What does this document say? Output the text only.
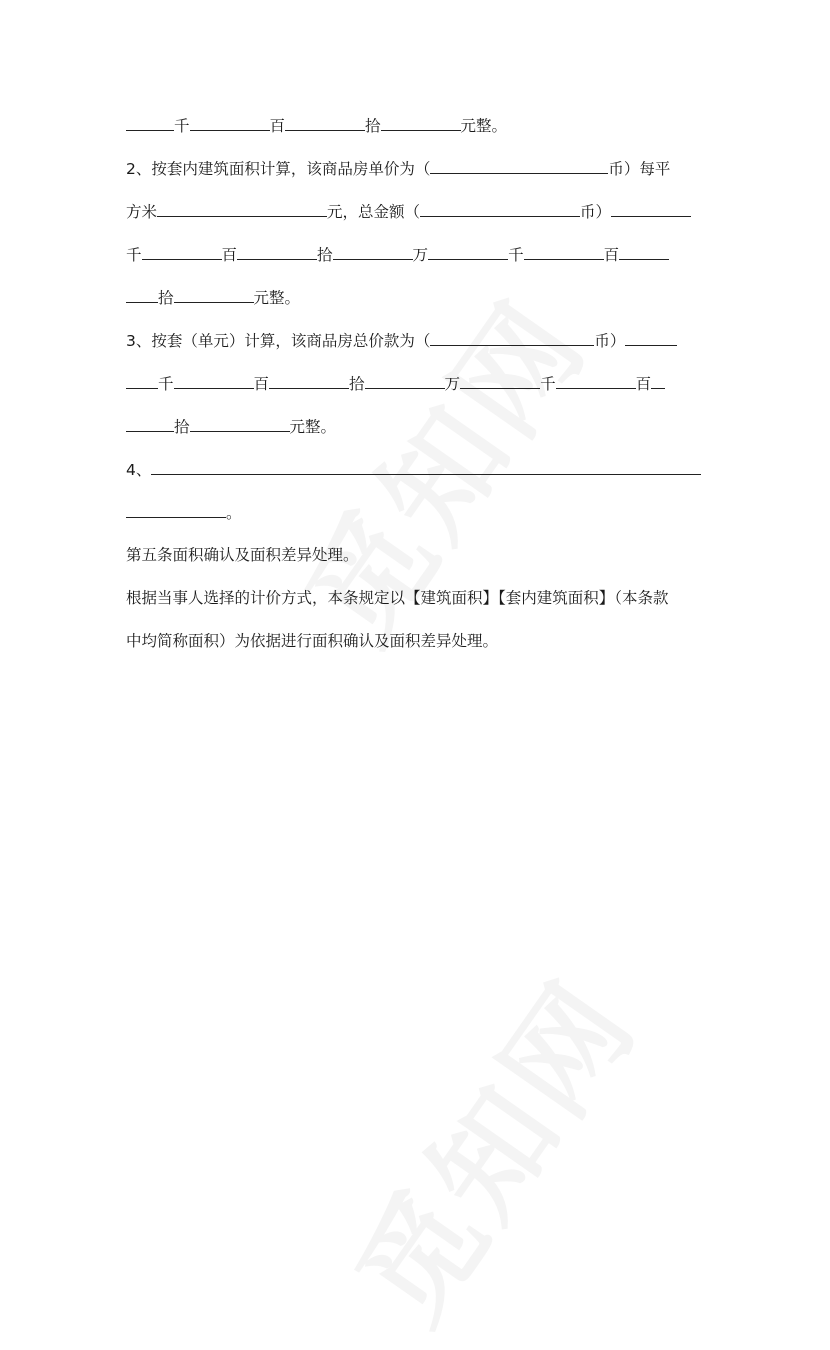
千	百	拾	元整。
2、按套内建筑面积计算，该商品房单价为（	币）每平
方米	元，总金额（	币）
千	百	拾	万	千	百
拾	元整。
3、按套（单元）计算，该商品房总价款为（	币）
千	百	拾	万	千	百
拾	元整。
4、
。
第五条面积确认及面积差异处理。
根据当事人选择的计价方式，本条规定以【建筑面积】【套内建筑面积】（本条款
中均简称面积）为依据进行面积确认及面积差异处理。
